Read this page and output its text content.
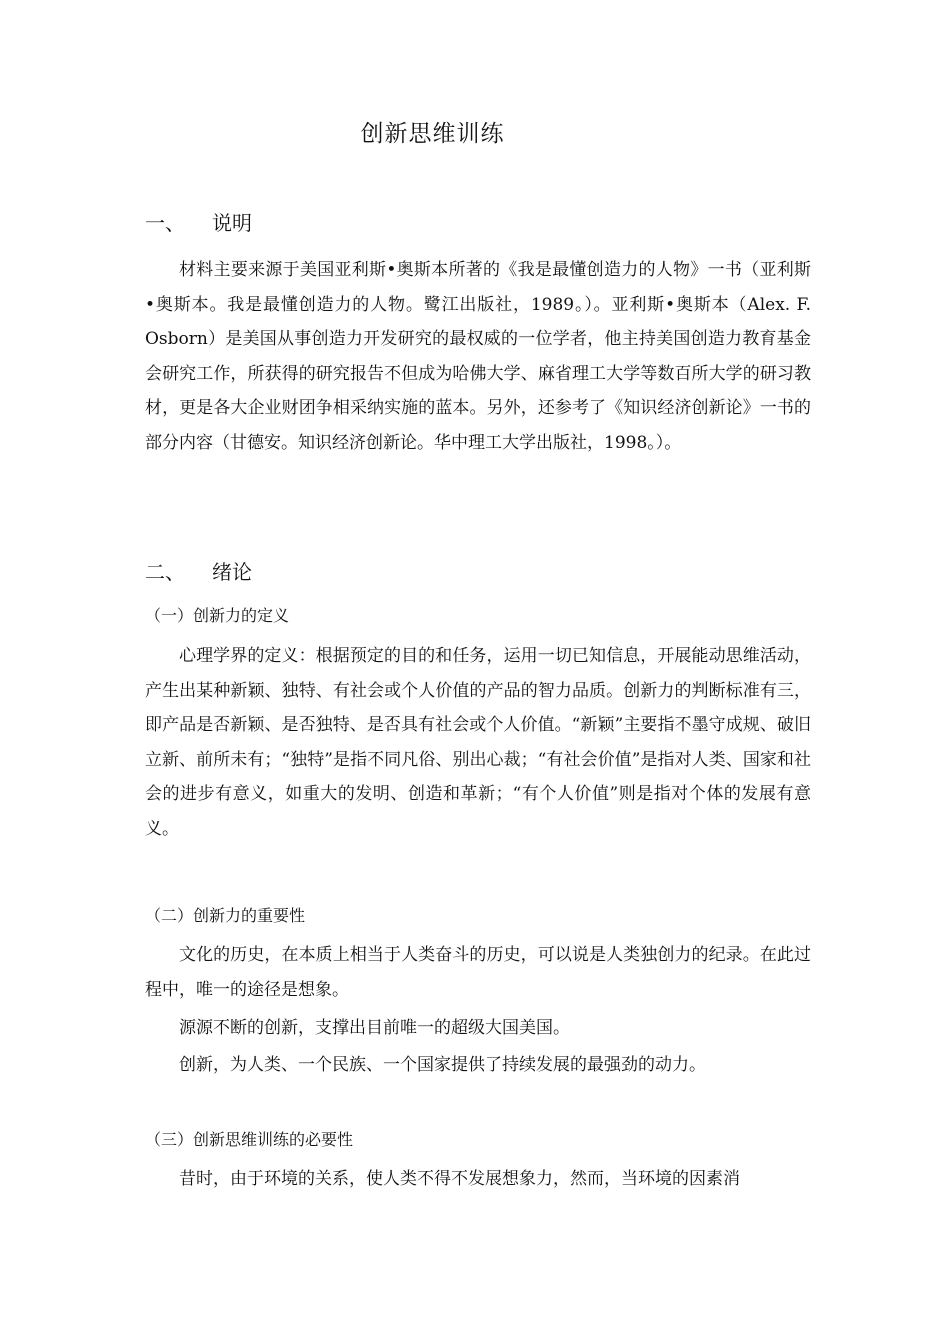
创新思维训练
一、 说明

材料主要来源于美国亚利斯•奥斯本所著的《我是最懂创造力的人物》一书（亚利斯•奥斯本。我是最懂创造力的人物。鹭江出版社，1989。）。亚利斯•奥斯本（Alex. F. Osborn）是美国从事创造力开发研究的最权威的一位学者，他主持美国创造力教育基金会研究工作，所获得的研究报告不但成为哈佛大学、麻省理工大学等数百所大学的研习教材，更是各大企业财团争相采纳实施的蓝本。另外，还参考了《知识经济创新论》一书的部分内容（甘德安。知识经济创新论。华中理工大学出版社，1998。）。

二、 绪论
（一）创新力的定义

心理学界的定义：根据预定的目的和任务，运用一切已知信息，开展能动思维活动，产生出某种新颖、独特、有社会或个人价值的产品的智力品质。创新力的判断标准有三，即产品是否新颖、是否独特、是否具有社会或个人价值。“新颖”主要指不墨守成规、破旧立新、前所未有；“独特”是指不同凡俗、别出心裁；“有社会价值”是指对人类、国家和社会的进步有意义，如重大的发明、创造和革新；“有个人价值”则是指对个体的发展有意义。

（二）创新力的重要性

文化的历史，在本质上相当于人类奋斗的历史，可以说是人类独创力的纪录。在此过程中，唯一的途径是想象。

源源不断的创新，支撑出目前唯一的超级大国美国。

创新，为人类、一个民族、一个国家提供了持续发展的最强劲的动力。

（三）创新思维训练的必要性

昔时，由于环境的关系，使人类不得不发展想象力，然而，当环境的因素消
